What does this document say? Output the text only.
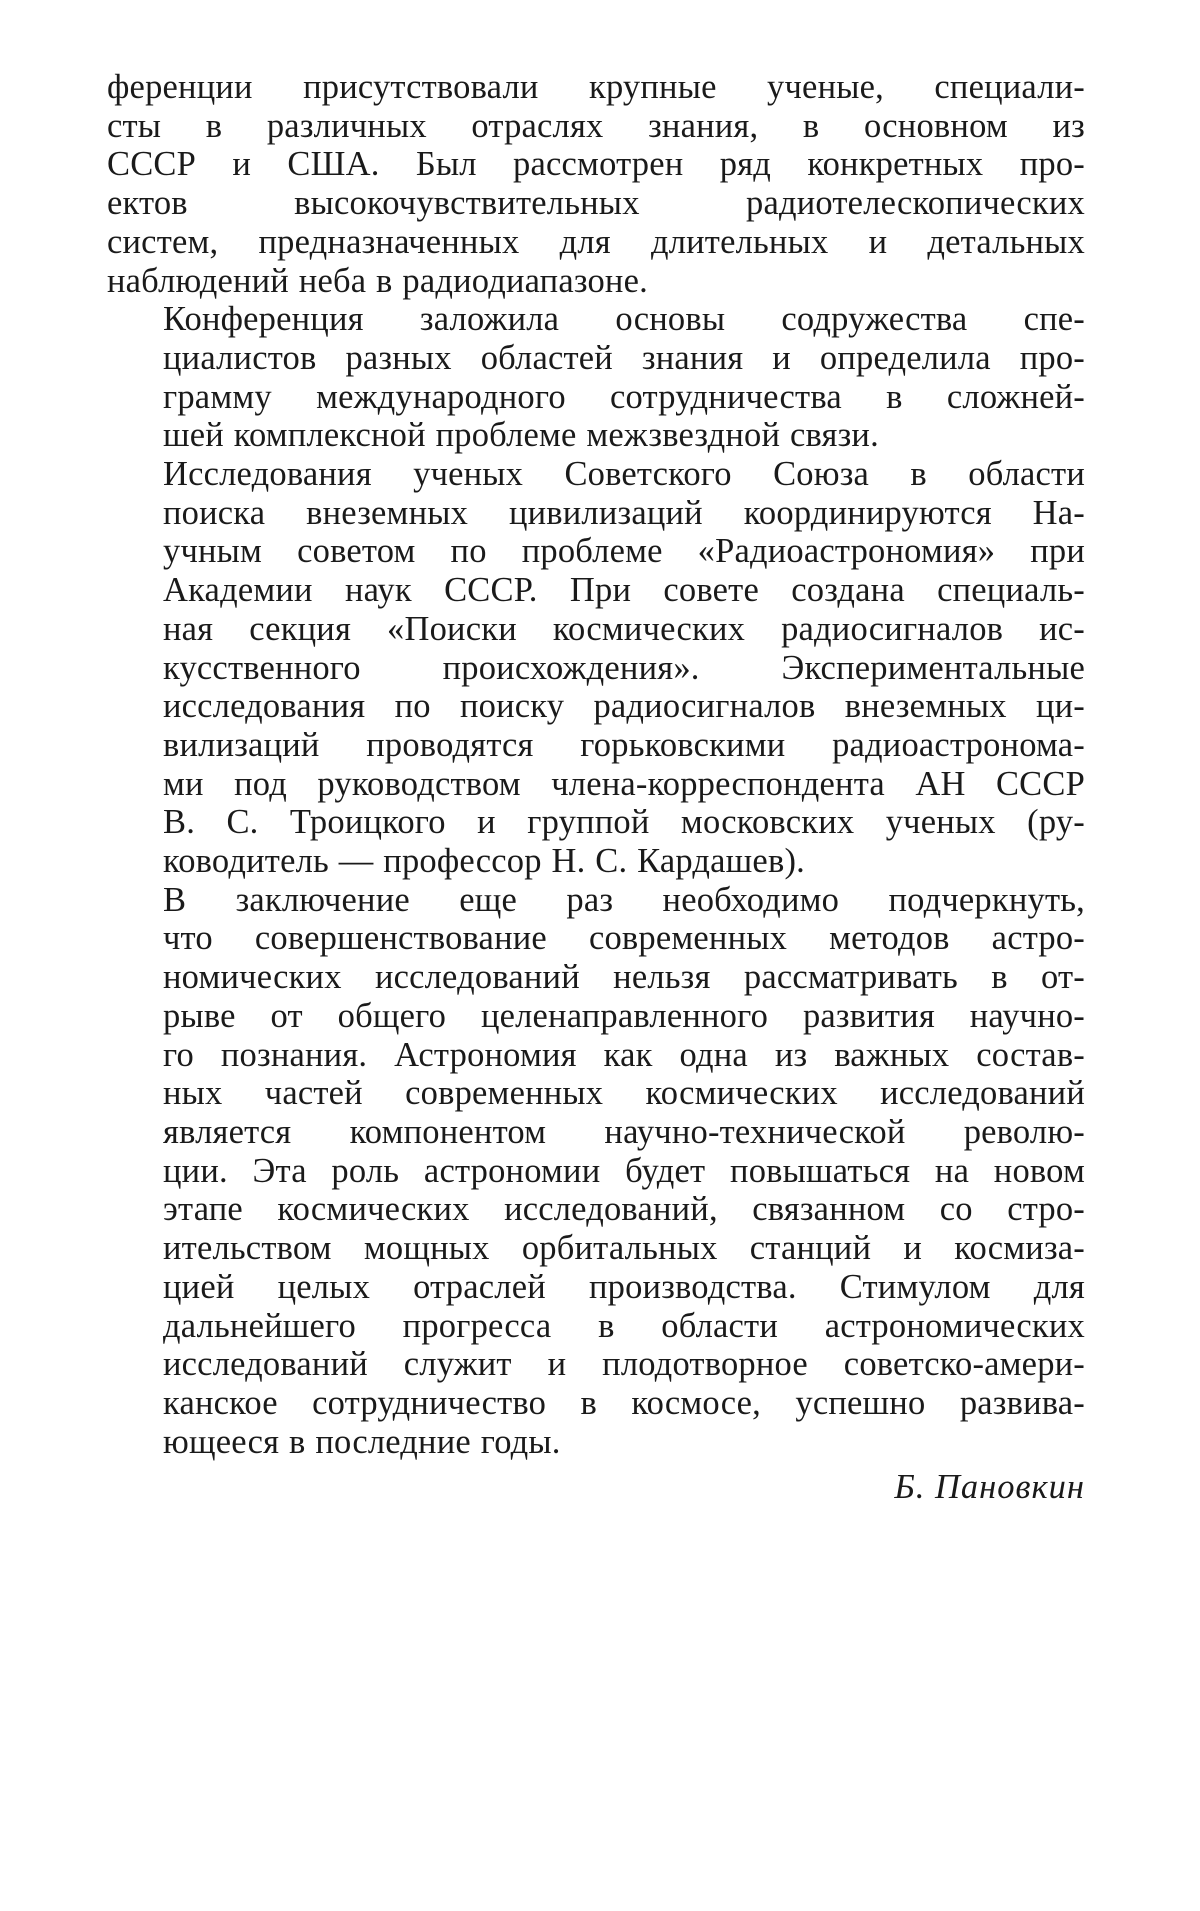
ференции присутствовали крупные ученые, специали-
сты в различных отраслях знания, в основном из
СССР и США. Был рассмотрен ряд конкретных про-
ектов высокочувствительных радиотелескопических
систем, предназначенных для длительных и детальных
наблюдений неба в радиодиапазоне.

Конференция заложила основы содружества спе-
циалистов разных областей знания и определила про-
грамму международного сотрудничества в сложней-
шей комплексной проблеме межзвездной связи.

Исследования ученых Советского Союза в области
поиска внеземных цивилизаций координируются На-
учным советом по проблеме «Радиоастрономия» при
Академии наук СССР. При совете создана специаль-
ная секция «Поиски космических радиосигналов ис-
кусственного происхождения». Экспериментальные
исследования по поиску радиосигналов внеземных ци-
вилизаций проводятся горьковскими радиоастронома-
ми под руководством члена-корреспондента АН СССР
В. С. Троицкого и группой московских ученых (ру-
ководитель — профессор Н. С. Кардашев).

В заключение еще раз необходимо подчеркнуть,
что совершенствование современных методов астро-
номических исследований нельзя рассматривать в от-
рыве от общего целенаправленного развития научно-
го познания. Астрономия как одна из важных состав-
ных частей современных космических исследований
является компонентом научно-технической револю-
ции. Эта роль астрономии будет повышаться на новом
этапе космических исследований, связанном со стро-
ительством мощных орбитальных станций и космиза-
цией целых отраслей производства. Стимулом для
дальнейшего прогресса в области астрономических
исследований служит и плодотворное советско-амери-
канское сотрудничество в космосе, успешно развива-
ющееся в последние годы.

Б. Пановкин
